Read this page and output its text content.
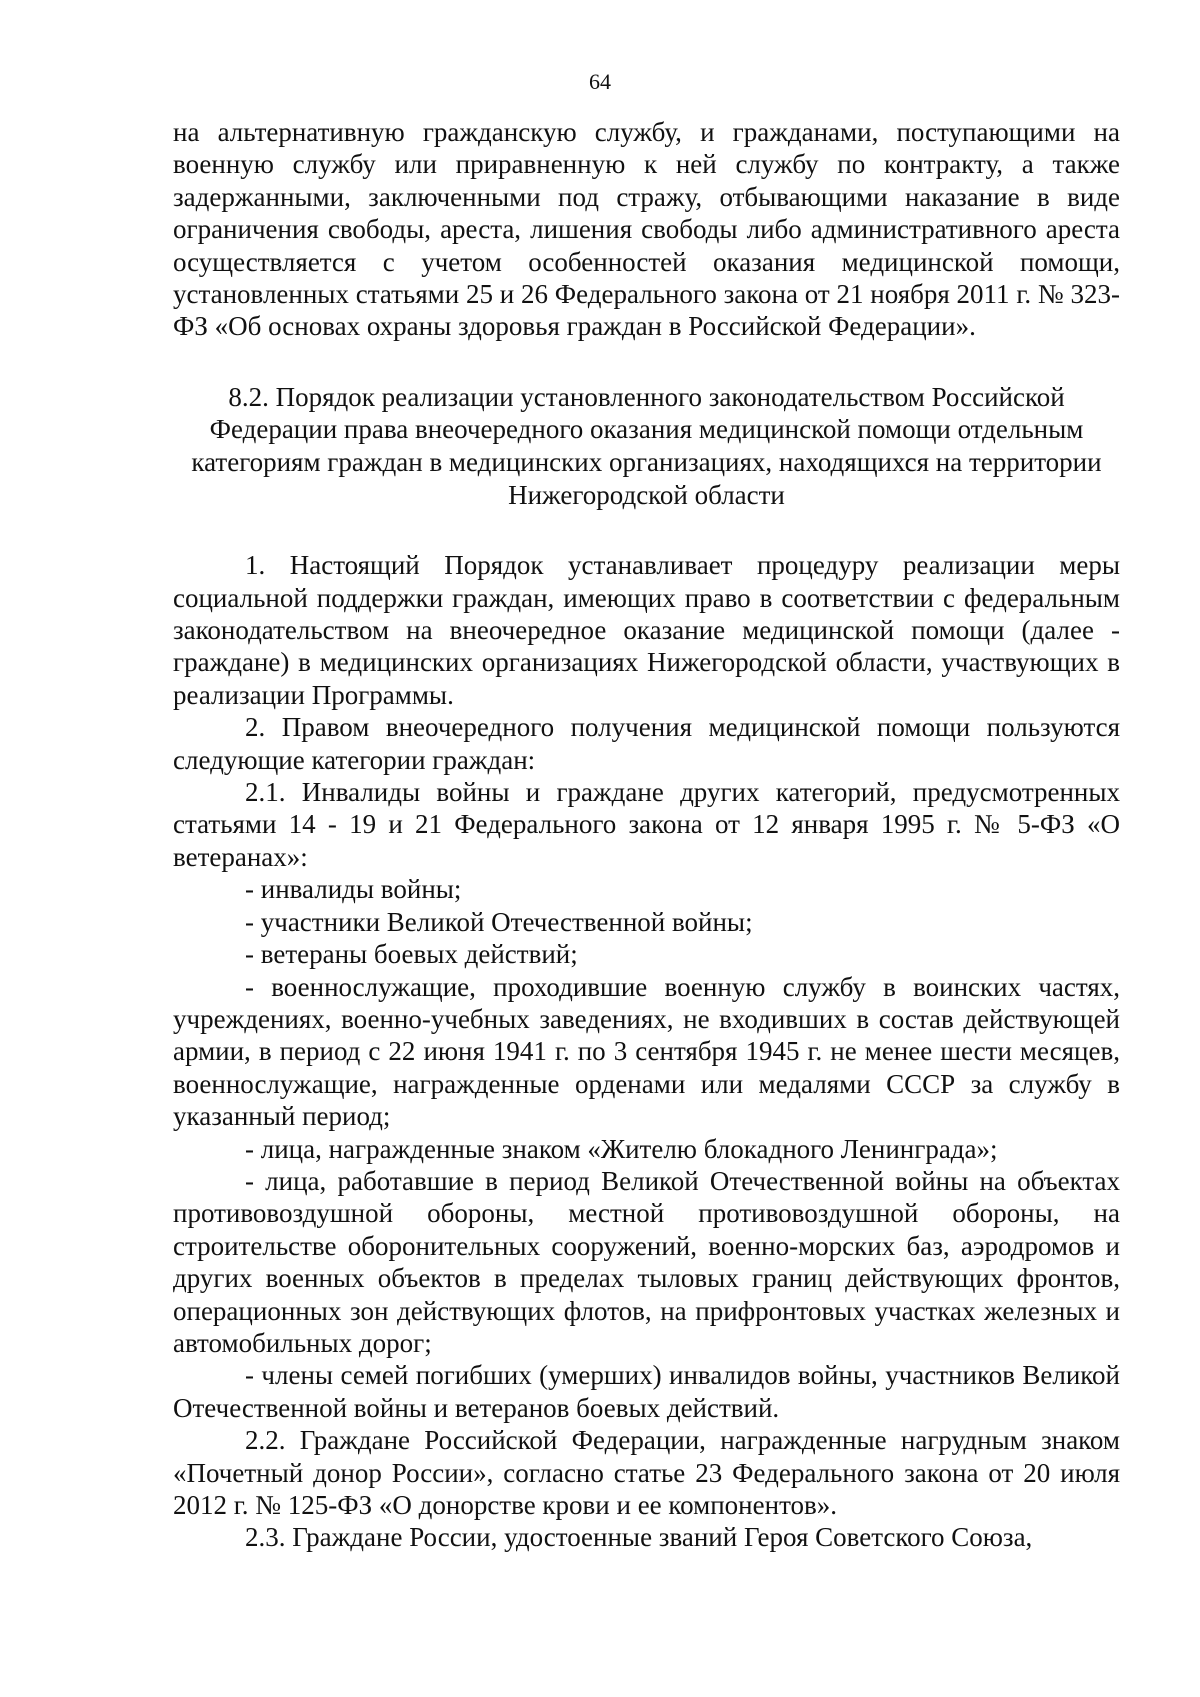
64

на альтернативную гражданскую службу, и гражданами, поступающими на военную службу или приравненную к ней службу по контракту, а также задержанными, заключенными под стражу, отбывающими наказание в виде ограничения свободы, ареста, лишения свободы либо административного ареста осуществляется с учетом особенностей оказания медицинской помощи, установленных статьями 25 и 26 Федерального закона от 21 ноября 2011 г. № 323-ФЗ «Об основах охраны здоровья граждан в Российской Федерации».

8.2. Порядок реализации установленного законодательством Российской Федерации права внеочередного оказания медицинской помощи отдельным категориям граждан в медицинских организациях, находящихся на территории Нижегородской области

1. Настоящий Порядок устанавливает процедуру реализации меры социальной поддержки граждан, имеющих право в соответствии с федеральным законодательством на внеочередное оказание медицинской помощи (далее - граждане) в медицинских организациях Нижегородской области, участвующих в реализации Программы.

2. Правом внеочередного получения медицинской помощи пользуются следующие категории граждан:

2.1. Инвалиды войны и граждане других категорий, предусмотренных статьями 14 - 19 и 21 Федерального закона от 12 января 1995 г. № 5-ФЗ «О ветеранах»:

- инвалиды войны;

- участники Великой Отечественной войны;

- ветераны боевых действий;

- военнослужащие, проходившие военную службу в воинских частях, учреждениях, военно-учебных заведениях, не входивших в состав действующей армии, в период с 22 июня 1941 г. по 3 сентября 1945 г. не менее шести месяцев, военнослужащие, награжденные орденами или медалями СССР за службу в указанный период;

- лица, награжденные знаком «Жителю блокадного Ленинграда»;

- лица, работавшие в период Великой Отечественной войны на объектах противовоздушной обороны, местной противовоздушной обороны, на строительстве оборонительных сооружений, военно-морских баз, аэродромов и других военных объектов в пределах тыловых границ действующих фронтов, операционных зон действующих флотов, на прифронтовых участках железных и автомобильных дорог;

- члены семей погибших (умерших) инвалидов войны, участников Великой Отечественной войны и ветеранов боевых действий.

2.2. Граждане Российской Федерации, награжденные нагрудным знаком «Почетный донор России», согласно статье 23 Федерального закона от 20 июля 2012 г. № 125-ФЗ «О донорстве крови и ее компонентов».

2.3. Граждане России, удостоенные званий Героя Советского Союза,
